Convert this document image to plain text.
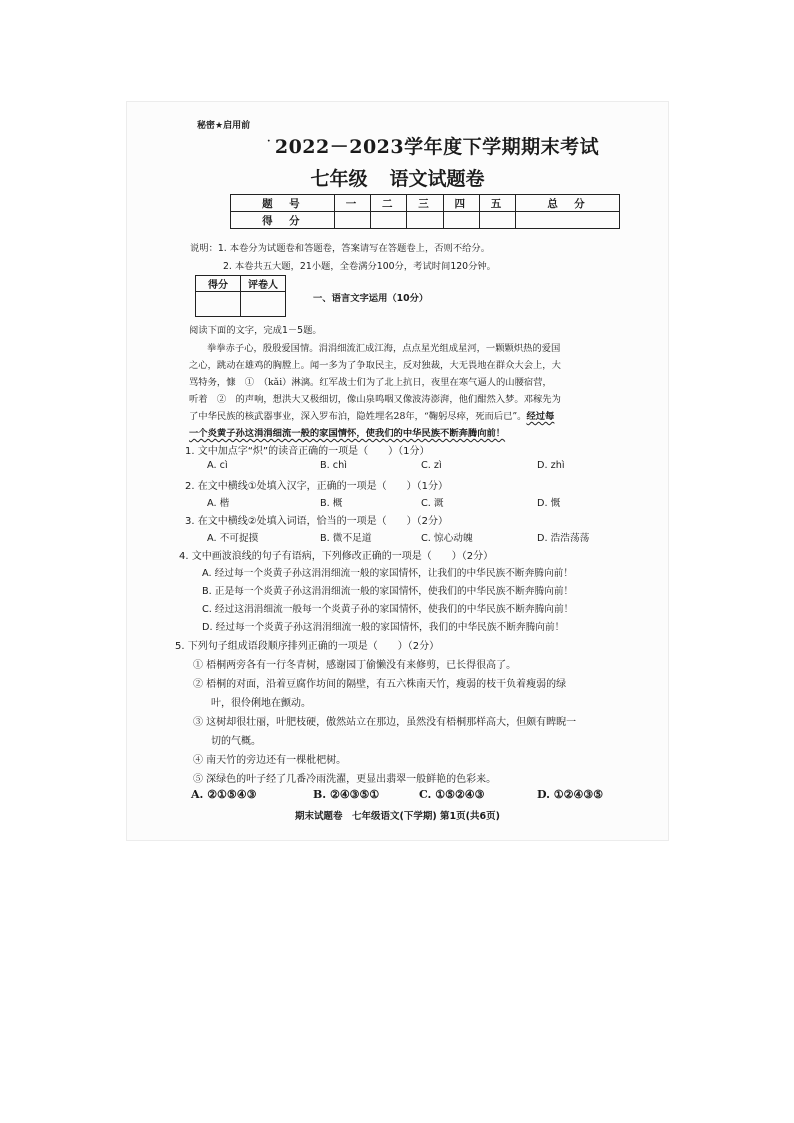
秘密★启用前
· 2022－2023学年度下学期期末考试
七年级 语文试题卷
题　号	一	二	三	四	五	总　分
得　分						
说明：1. 本卷分为试题卷和答题卷，答案请写在答题卷上，否则不给分。
2. 本卷共五大题，21小题，全卷满分100分，考试时间120分钟。
得分	评卷人

一、语言文字运用（10分）
阅读下面的文字，完成1－5题。
拳拳赤子心，殷殷爱国情。涓涓细流汇成江海，点点星光组成星河，一颗颗炽热的爱国
之心，跳动在雄鸡的胸膛上。闻一多为了争取民主，反对独裁，大无畏地在群众大会上，大
骂特务，慷　①　（kǎi）淋漓。红军战士们为了北上抗日，夜里在寒气逼人的山腰宿营，
听着　②　的声响，想洪大又极细切，像山泉鸣咽又像波涛澎湃，他们酣然入梦。邓稼先为
了中华民族的核武器事业，深入罗布泊，隐姓埋名28年，“鞠躬尽瘁，死而后已”。经过每
一个炎黄子孙这涓涓细流一般的家国情怀，使我们的中华民族不断奔腾向前！
1. 文中加点字“炽”的读音正确的一项是（　　）（1分）
A. cì	B. chì	C. zì	D. zhì
2. 在文中横线①处填入汉字，正确的一项是（　　）（1分）
A. 楷	B. 概	C. 溉	D. 慨
3. 在文中横线②处填入词语，恰当的一项是（　　）（2分）
A. 不可捉摸	B. 微不足道	C. 惊心动魄	D. 浩浩荡荡
4. 文中画波浪线的句子有语病，下列修改正确的一项是（　　）（2分）
A. 经过每一个炎黄子孙这涓涓细流一般的家国情怀，让我们的中华民族不断奔腾向前！
B. 正是每一个炎黄子孙这涓涓细流一般的家国情怀，使我们的中华民族不断奔腾向前！
C. 经过这涓涓细流一般每一个炎黄子孙的家国情怀，使我们的中华民族不断奔腾向前！
D. 经过每一个炎黄子孙这涓涓细流一般的家国情怀，我们的中华民族不断奔腾向前！
5. 下列句子组成语段顺序排列正确的一项是（　　）（2分）
① 梧桐两旁各有一行冬青树，感谢园丁偷懒没有来修剪，已长得很高了。
② 梧桐的对面，沿着豆腐作坊间的隔壁，有五六株南天竹，瘦弱的枝干负着瘦弱的绿
叶，很伶俐地在颤动。
③ 这树却很壮丽，叶肥枝硬，傲然站立在那边，虽然没有梧桐那样高大，但颇有睥睨一
切的气概。
④ 南天竹的旁边还有一棵枇杷树。
⑤ 深绿色的叶子经了几番冷雨洗濯，更显出翡翠一般鲜艳的色彩来。
A. ②①⑤④③	B. ②④③⑤①	C. ①⑤②④③	D. ①②④③⑤
期末试题卷　七年级语文(下学期) 第1页(共6页)
